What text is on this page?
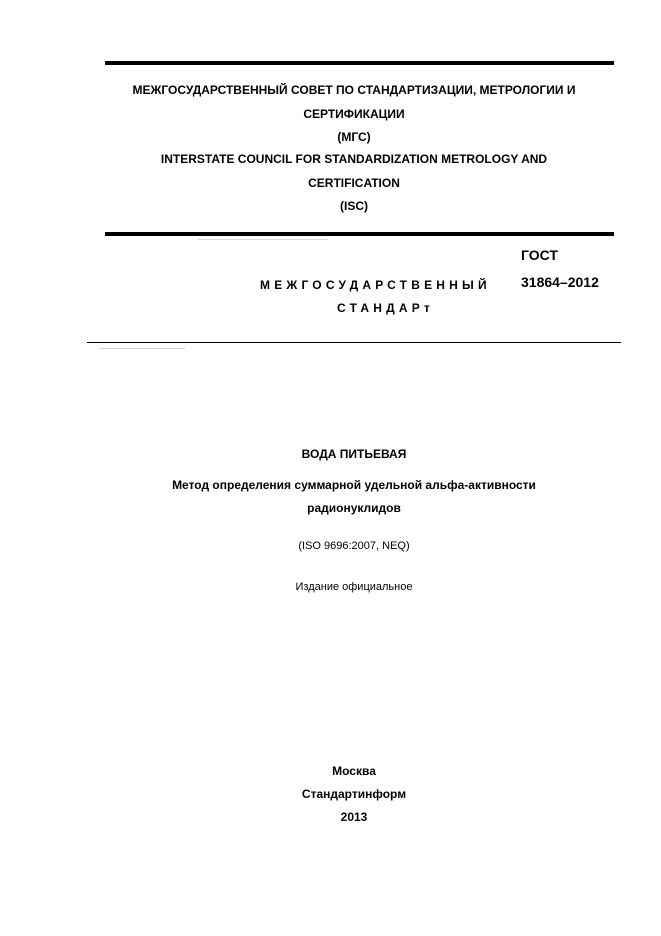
МЕЖГОСУДАРСТВЕННЫЙ СОВЕТ ПО СТАНДАРТИЗАЦИИ, МЕТРОЛОГИИ И
СЕРТИФИКАЦИИ
(МГС)
INTERSTATE COUNCIL FOR STANDARDIZATION METROLOGY AND
CERTIFICATION
(ISC)
ГОСТ
31864–2012
МЕЖГОСУДАРСТВЕННЫЙ
СТАНДАРт
ВОДА ПИТЬЕВАЯ
Метод определения суммарной удельной альфа-активности
радионуклидов
(ISO 9696:2007, NEQ)
Издание официальное
Москва
Стандартинформ
2013
